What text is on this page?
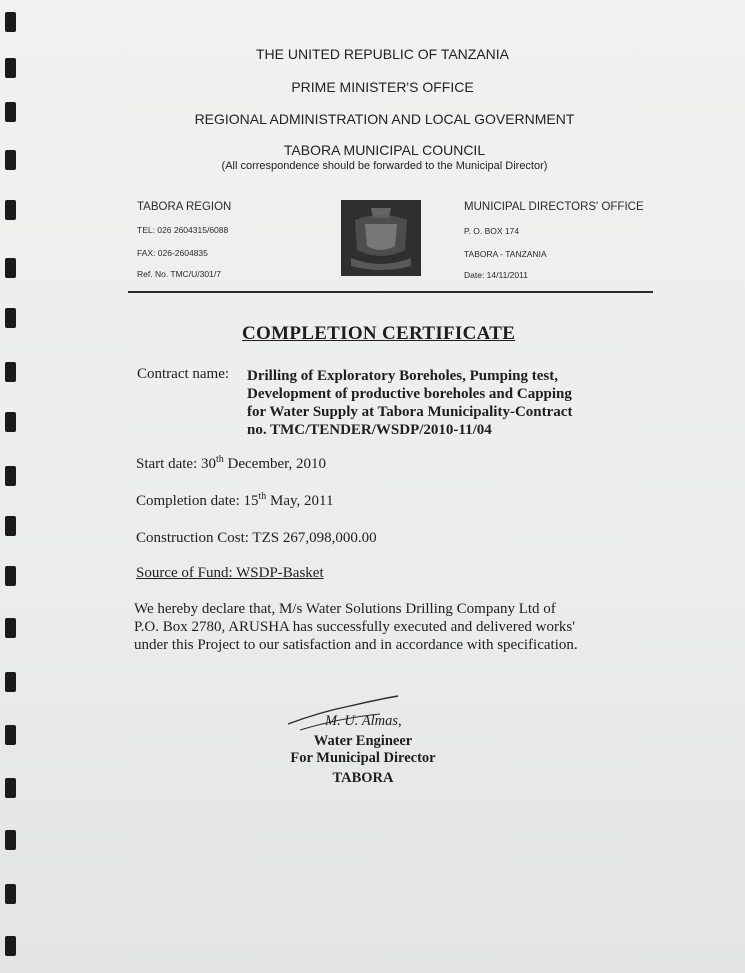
THE UNITED REPUBLIC OF TANZANIA
PRIME MINISTER'S OFFICE
REGIONAL ADMINISTRATION AND LOCAL GOVERNMENT
TABORA MUNICIPAL COUNCIL
(All correspondence should be forwarded to the Municipal Director)
TABORA REGION
TEL: 026 2604315/6088
FAX: 026-2604835
Ref. No. TMC/U/301/7
MUNICIPAL DIRECTORS' OFFICE
P. O. BOX 174
TABORA - TANZANIA
Date: 14/11/2011
COMPLETION CERTIFICATE
Contract name: Drilling of Exploratory Boreholes, Pumping test,
Development of productive boreholes and Capping
for Water Supply at Tabora Municipality-Contract
no. TMC/TENDER/WSDP/2010-11/04
Start date: 30th December, 2010
Completion date: 15th May, 2011
Construction Cost: TZS 267,098,000.00
Source of Fund: WSDP-Basket
We hereby declare that, M/s Water Solutions Drilling Company Ltd of
P.O. Box 2780, ARUSHA has successfully executed and delivered works'
under this Project to our satisfaction and in accordance with specification.
M. U. Almas,
Water Engineer
For Municipal Director
TABORA
